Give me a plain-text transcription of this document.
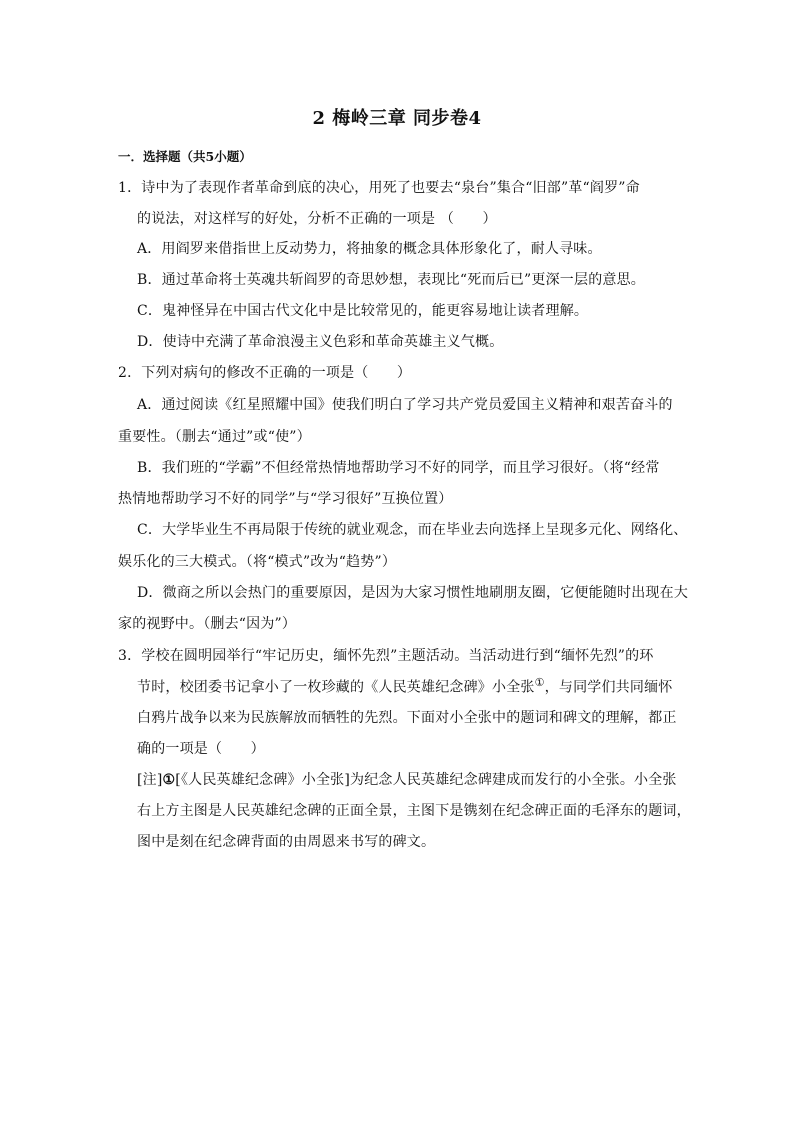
2 梅岭三章 同步卷4
一．选择题（共5小题）
1．诗中为了表现作者革命到底的决心，用死了也要去“泉台”集合“旧部”革“阎罗”命
的说法，对这样写的好处，分析不正确的一项是 （　　）
A．用阎罗来借指世上反动势力，将抽象的概念具体形象化了，耐人寻味。
B．通过革命将士英魂共斩阎罗的奇思妙想，表现比“死而后已”更深一层的意思。
C．鬼神怪异在中国古代文化中是比较常见的，能更容易地让读者理解。
D．使诗中充满了革命浪漫主义色彩和革命英雄主义气概。
2．下列对病句的修改不正确的一项是（　　）
A．通过阅读《红星照耀中国》使我们明白了学习共产党员爱国主义精神和艰苦奋斗的
重要性。（删去“通过”或“使”）
B．我们班的“学霸”不但经常热情地帮助学习不好的同学，而且学习很好。（将“经常
热情地帮助学习不好的同学”与“学习很好”互换位置）
C．大学毕业生不再局限于传统的就业观念，而在毕业去向选择上呈现多元化、网络化、
娱乐化的三大模式。（将“模式”改为“趋势”）
D．微商之所以会热门的重要原因，是因为大家习惯性地刷朋友圈，它便能随时出现在大
家的视野中。（删去“因为”）
3．学校在圆明园举行“牢记历史，缅怀先烈”主题活动。当活动进行到“缅怀先烈”的环
节时，校团委书记拿小了一枚珍藏的《人民英雄纪念碑》小全张①，与同学们共同缅怀
白鸦片战争以来为民族解放而牺牲的先烈。下面对小全张中的题词和碑文的理解，都正
确的一项是（　　）
[注]①[《人民英雄纪念碑》小全张]为纪念人民英雄纪念碑建成而发行的小全张。小全张
右上方主图是人民英雄纪念碑的正面全景，主图下是镌刻在纪念碑正面的毛泽东的题词，
图中是刻在纪念碑背面的由周恩来书写的碑文。
